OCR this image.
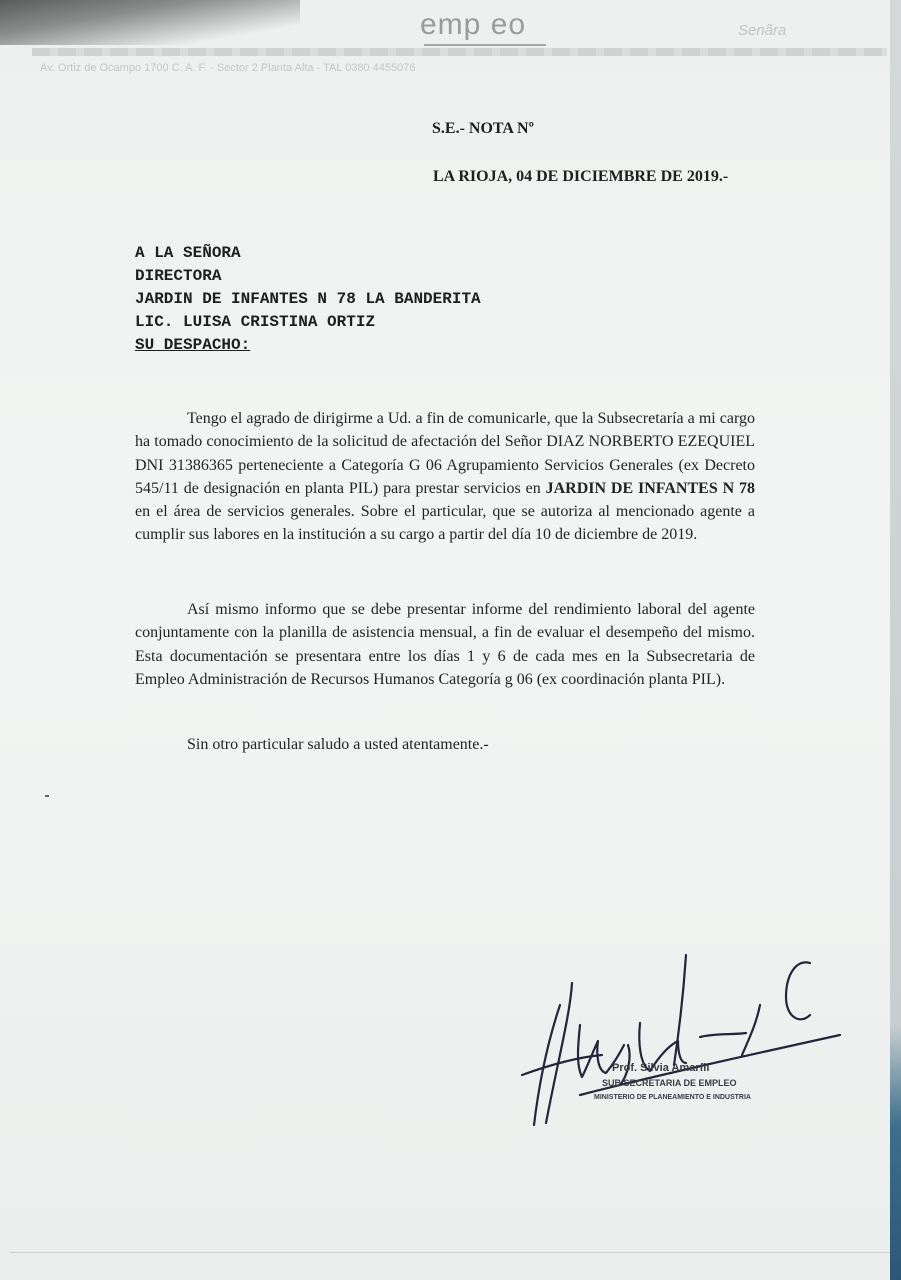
emp eo	Senãra
Av. Ortiz de Ocampo 1700 C. A. F. - Sector 2 Planta Alta - TAL 0380 4455076
S.E.- NOTA Nº
LA RIOJA, 04 DE DICIEMBRE DE 2019.-
A LA SEÑORA
DIRECTORA
JARDIN DE INFANTES N 78 LA BANDERITA
LIC. LUISA CRISTINA ORTIZ
SU DESPACHO:
Tengo el agrado de dirigirme a Ud. a fin de comunicarle, que la Subsecretaría a mi cargo ha tomado conocimiento de la solicitud de afectación del Señor DIAZ NORBERTO EZEQUIEL DNI 31386365 perteneciente a Categoría G 06 Agrupamiento Servicios Generales (ex Decreto 545/11 de designación en planta PIL) para prestar servicios en JARDIN DE INFANTES N 78 en el área de servicios generales. Sobre el particular, que se autoriza al mencionado agente a cumplir sus labores en la institución a su cargo a partir del día 10 de diciembre de 2019.
Así mismo informo que se debe presentar informe del rendimiento laboral del agente conjuntamente con la planilla de asistencia mensual, a fin de evaluar el desempeño del mismo. Esta documentación se presentara entre los días 1 y 6 de cada mes en la Subsecretaria de Empleo Administración de Recursos Humanos Categoría g 06 (ex coordinación planta PIL).
Sin otro particular saludo a usted atentamente.-
Prof. Silvia Amarfil
SUB SECRETARIA DE EMPLEO
MINISTERIO DE PLANEAMIENTO E INDUSTRIA
